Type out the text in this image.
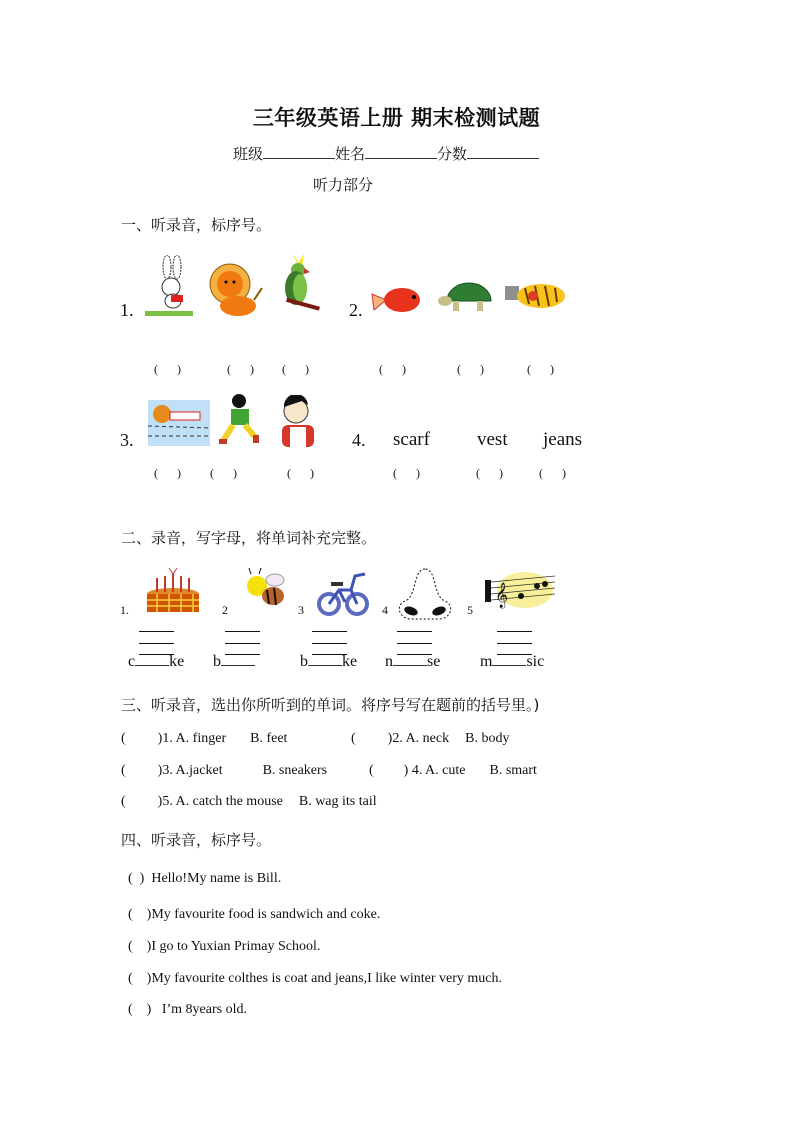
三年级英语上册 期末检测试题
班级	姓名	分数
听力部分
一、听录音，标序号。
1.	2.
( )	( ) ( )	( )	( )	( )
3.	4. scarf vest jeans
( ) ( )	( )	( )	( ) ( )
二、录音，写字母，将单词补充完整。
1.	2	3	4	5
𝄞
c ke b	b ke n se m sic
三、听录音，选出你所听到的单词。将序号写在题前的括号里。)
( )1. A. finger B. feet	( )2. A. neck B. body
( )3. A.jacket	B. sneakers	( ) 4. A. cute B. smart
( )5. A. catch the mouse B. wag its tail
四、听录音，标序号。
(  ) Hello!My name is Bill.
(    )My favourite food is sandwich and coke.
(    )I go to Yuxian Primay School.
(    )My favourite colthes is coat and jeans,I like winter very much.
(    ) I’m 8years old.
